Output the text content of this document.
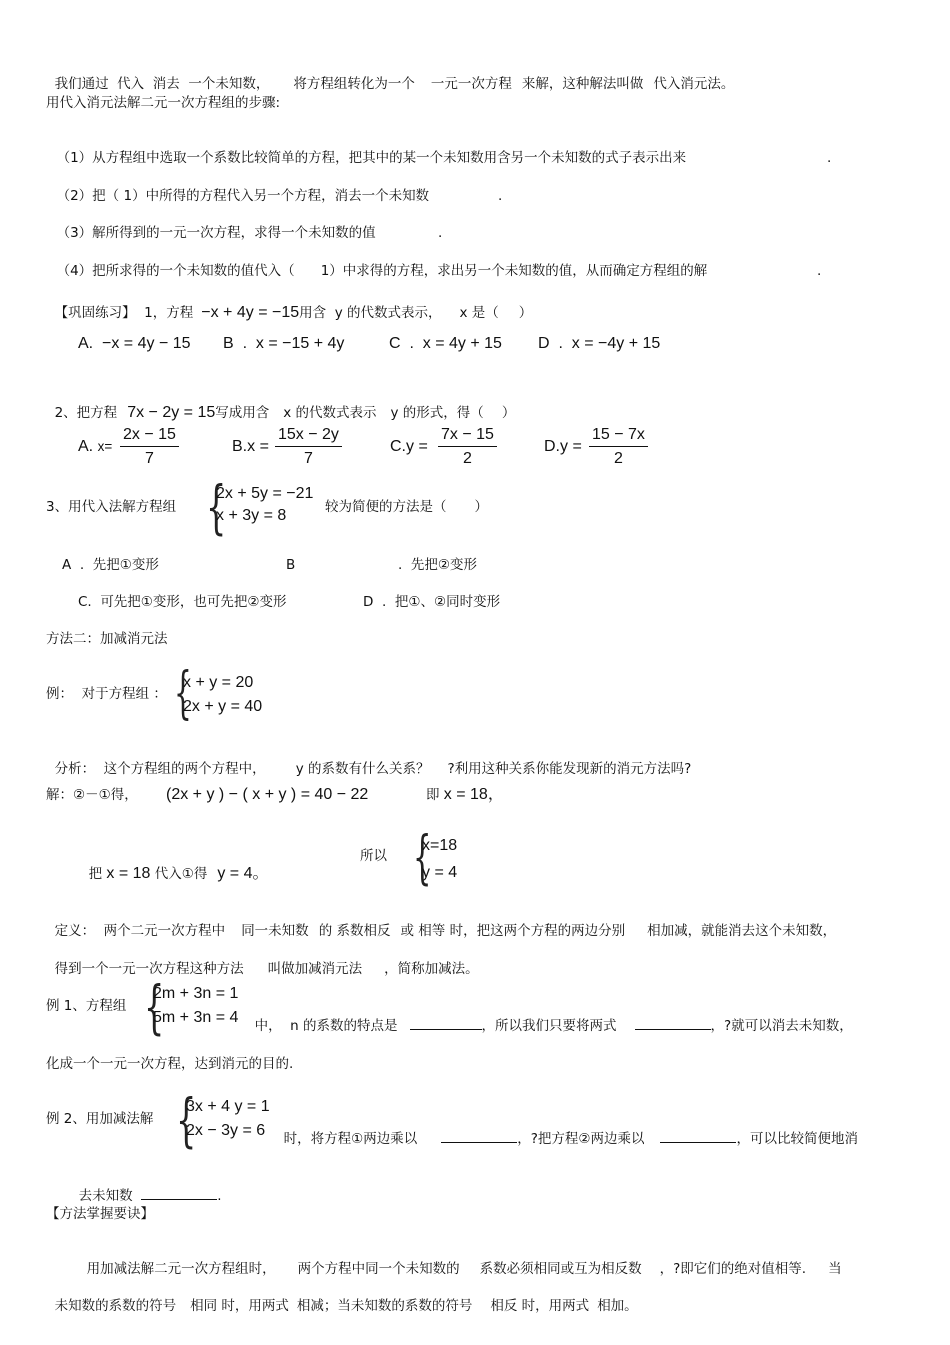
我们通过  代入  消去  一个未知数， 将方程组转化为一个 一元一次方程 来解，这种解法叫做 代入消元法。

用代入消元法解二元一次方程组的步骤:

（1）从方程组中选取一个系数比较简单的方程，把其中的某一个未知数用含另一个未知数的式子表示出来	.

（2）把（ 1）中所得的方程代入另一个方程，消去一个未知数	.

（3）解所得到的一元一次方程，求得一个未知数的值	.

（4）把所求得的一个未知数的值代入（ 1）中求得的方程，求出另一个未知数的值，从而确定方程组的解	.

【巩固练习】  1，方程 −x + 4y = −15用含  y 的代数式表示， x 是（ ）

A. −x = 4y − 15 B  . x = −15 + 4y	C  . x = 4y + 15 D  . x = −4y + 15

2、把方程 7x − 2y = 15写成用含 x 的代数式表示 y 的形式，得（ ）

A. $x= \frac{2x - 15}{7}$	$B.x = \frac{15x - 2y}{7}$	$C.y = \frac{7x - 15}{2}$	$D.y = \frac{15 - 7x}{2}$
3、用代入法解方程组 {
2x + 5y = −21
x + 3y = 8	较为简便的方法是（ ）
A .  先把①变形	B	.  先把②变形
C. 可先把①变形，也可先把②变形	D .  把①、②同时变形
方法二：加减消元法
例：  对于方程组 ： {
x + y = 20
2x + y = 40

分析：  这个方程组的两个方程中， y 的系数有什么关系？ ?利用这种关系你能发现新的消元方法吗?

解：②－①得， (2x + y ) − ( x + y ) = 40 − 22	即 x = 18，

把 x = 18 代入①得 y = 4。

所以 {
x=18
y = 4

定义：  两个二元一次方程中 同一未知数 的 系数相反 或 相等 时，把这两个方程的两边分别 相加减，就能消去这个未知数，

得到一个一元一次方程这种方法 叫做加减消元法 ，简称加减法。

例 1、方程组 {
2m + 3n = 1
5m + 3n = 4	中，  n 的系数的特点是	，所以我们只要将两式	，?就可以消去未知数，

化成一个一元一次方程，达到消元的目的.
例 2、用加减法解 {
3x + 4 y = 1
2x − 3y = 6	时，将方程①两边乘以	，?把方程②两边乘以	，可以比较简便地消

去未知数	.

【方法掌握要诀】

用加减法解二元一次方程组时， 两个方程中同一个未知数的 系数必须相同或互为相反数 ，?即它们的绝对值相等. 当

未知数的系数的符号 相同 时，用两式 相减；当未知数的系数的符号 相反 时，用两式 相加。
